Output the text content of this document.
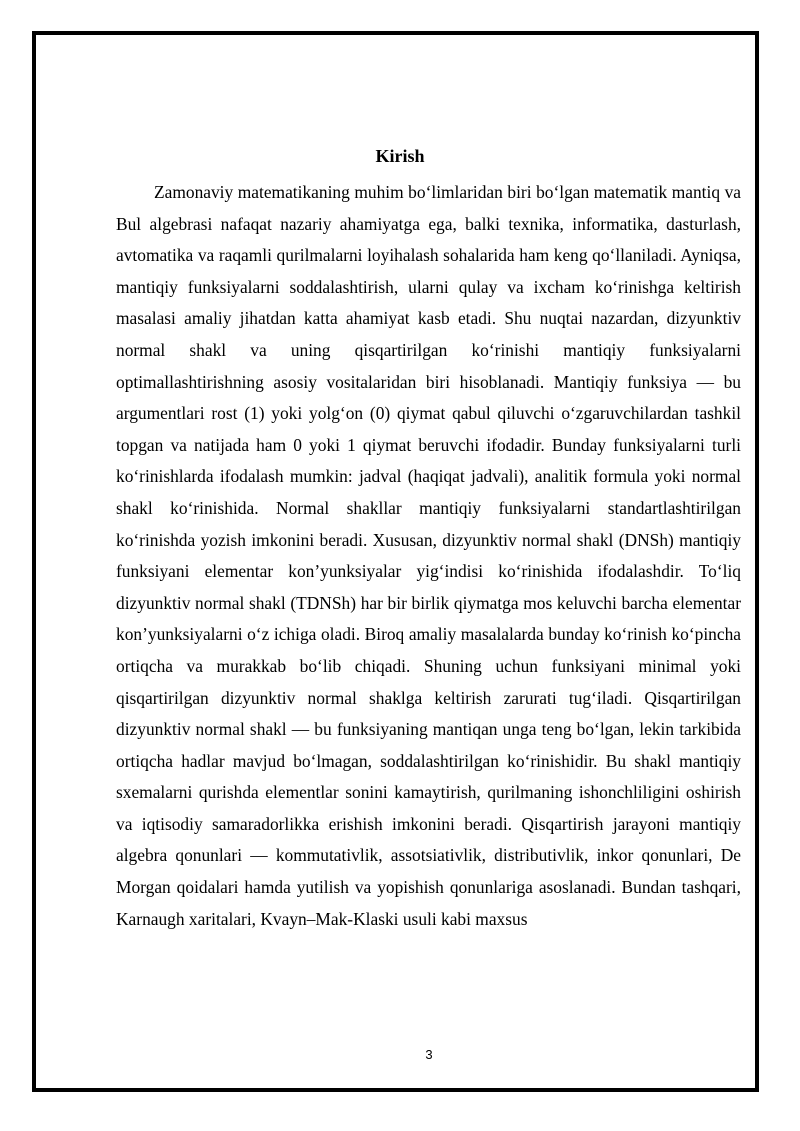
Kirish

Zamonaviy matematikaning muhim bo‘limlaridan biri bo‘lgan matematik mantiq va Bul algebrasi nafaqat nazariy ahamiyatga ega, balki texnika, informatika, dasturlash, avtomatika va raqamli qurilmalarni loyihalash sohalarida ham keng qo‘llaniladi. Ayniqsa, mantiqiy funksiyalarni soddalashtirish, ularni qulay va ixcham ko‘rinishga keltirish masalasi amaliy jihatdan katta ahamiyat kasb etadi. Shu nuqtai nazardan, dizyunktiv normal shakl va uning qisqartirilgan ko‘rinishi mantiqiy funksiyalarni optimallashtirishning asosiy vositalaridan biri hisoblanadi. Mantiqiy funksiya — bu argumentlari rost (1) yoki yolg‘on (0) qiymat qabul qiluvchi o‘zgaruvchilardan tashkil topgan va natijada ham 0 yoki 1 qiymat beruvchi ifodadir. Bunday funksiyalarni turli ko‘rinishlarda ifodalash mumkin: jadval (haqiqat jadvali), analitik formula yoki normal shakl ko‘rinishida. Normal shakllar mantiqiy funksiyalarni standartlashtirilgan ko‘rinishda yozish imkonini beradi. Xususan, dizyunktiv normal shakl (DNSh) mantiqiy funksiyani elementar kon’yunksiyalar yig‘indisi ko‘rinishida ifodalashdir. To‘liq dizyunktiv normal shakl (TDNSh) har bir birlik qiymatga mos keluvchi barcha elementar kon’yunksiyalarni o‘z ichiga oladi. Biroq amaliy masalalarda bunday ko‘rinish ko‘pincha ortiqcha va murakkab bo‘lib chiqadi. Shuning uchun funksiyani minimal yoki qisqartirilgan dizyunktiv normal shaklga keltirish zarurati tug‘iladi. Qisqartirilgan dizyunktiv normal shakl — bu funksiyaning mantiqan unga teng bo‘lgan, lekin tarkibida ortiqcha hadlar mavjud bo‘lmagan, soddalashtirilgan ko‘rinishidir. Bu shakl mantiqiy sxemalarni qurishda elementlar sonini kamaytirish, qurilmaning ishonchliligini oshirish va iqtisodiy samaradorlikka erishish imkonini beradi. Qisqartirish jarayoni mantiqiy algebra qonunlari — kommutativlik, assotsiativlik, distributivlik, inkor qonunlari, De Morgan qoidalari hamda yutilish va yopishish qonunlariga asoslanadi. Bundan tashqari, Karnaugh xaritalari, Kvayn–Mak-Klaski usuli kabi maxsus

3
